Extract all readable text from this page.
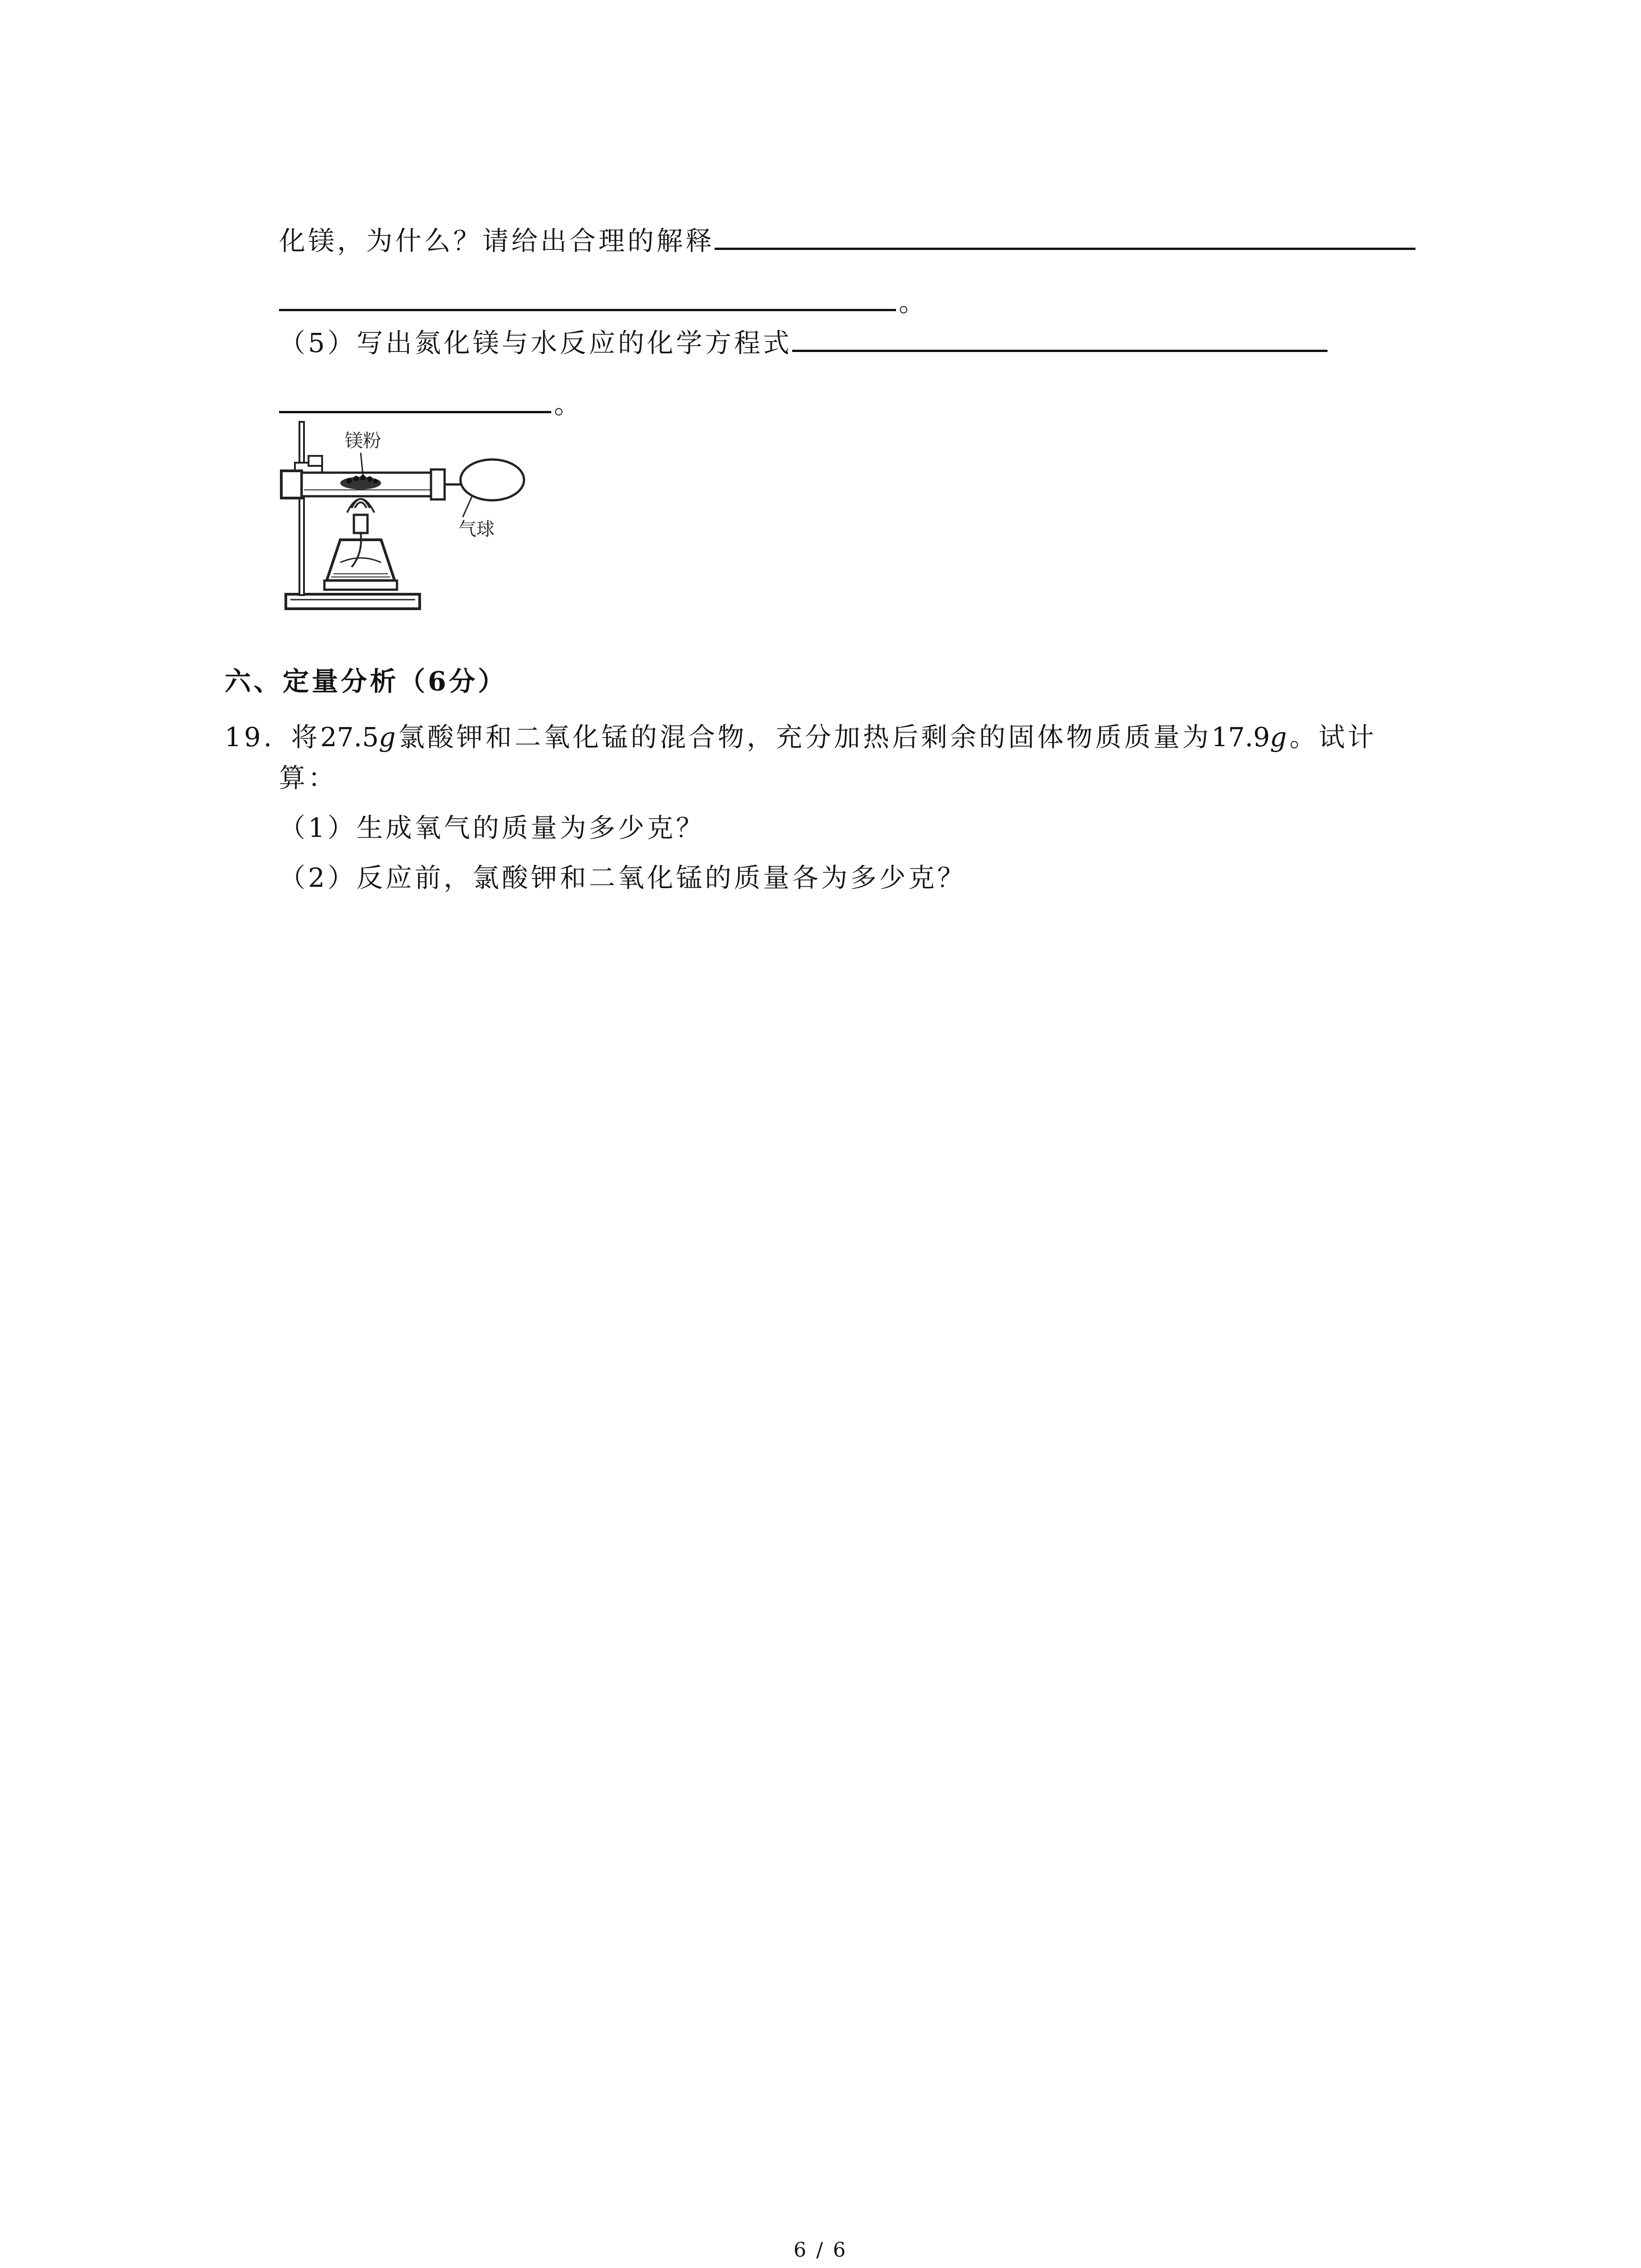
化镁，为什么？请给出合理的解释
。
（5）写出氮化镁与水反应的化学方程式
。
镁粉
气球
六、定量分析（6分）
19. 将27.5g氯酸钾和二氧化锰的混合物，充分加热后剩余的固体物质质量为17.9g。试计
算：
（1）生成氧气的质量为多少克？
（2）反应前，氯酸钾和二氧化锰的质量各为多少克？
6 / 6
